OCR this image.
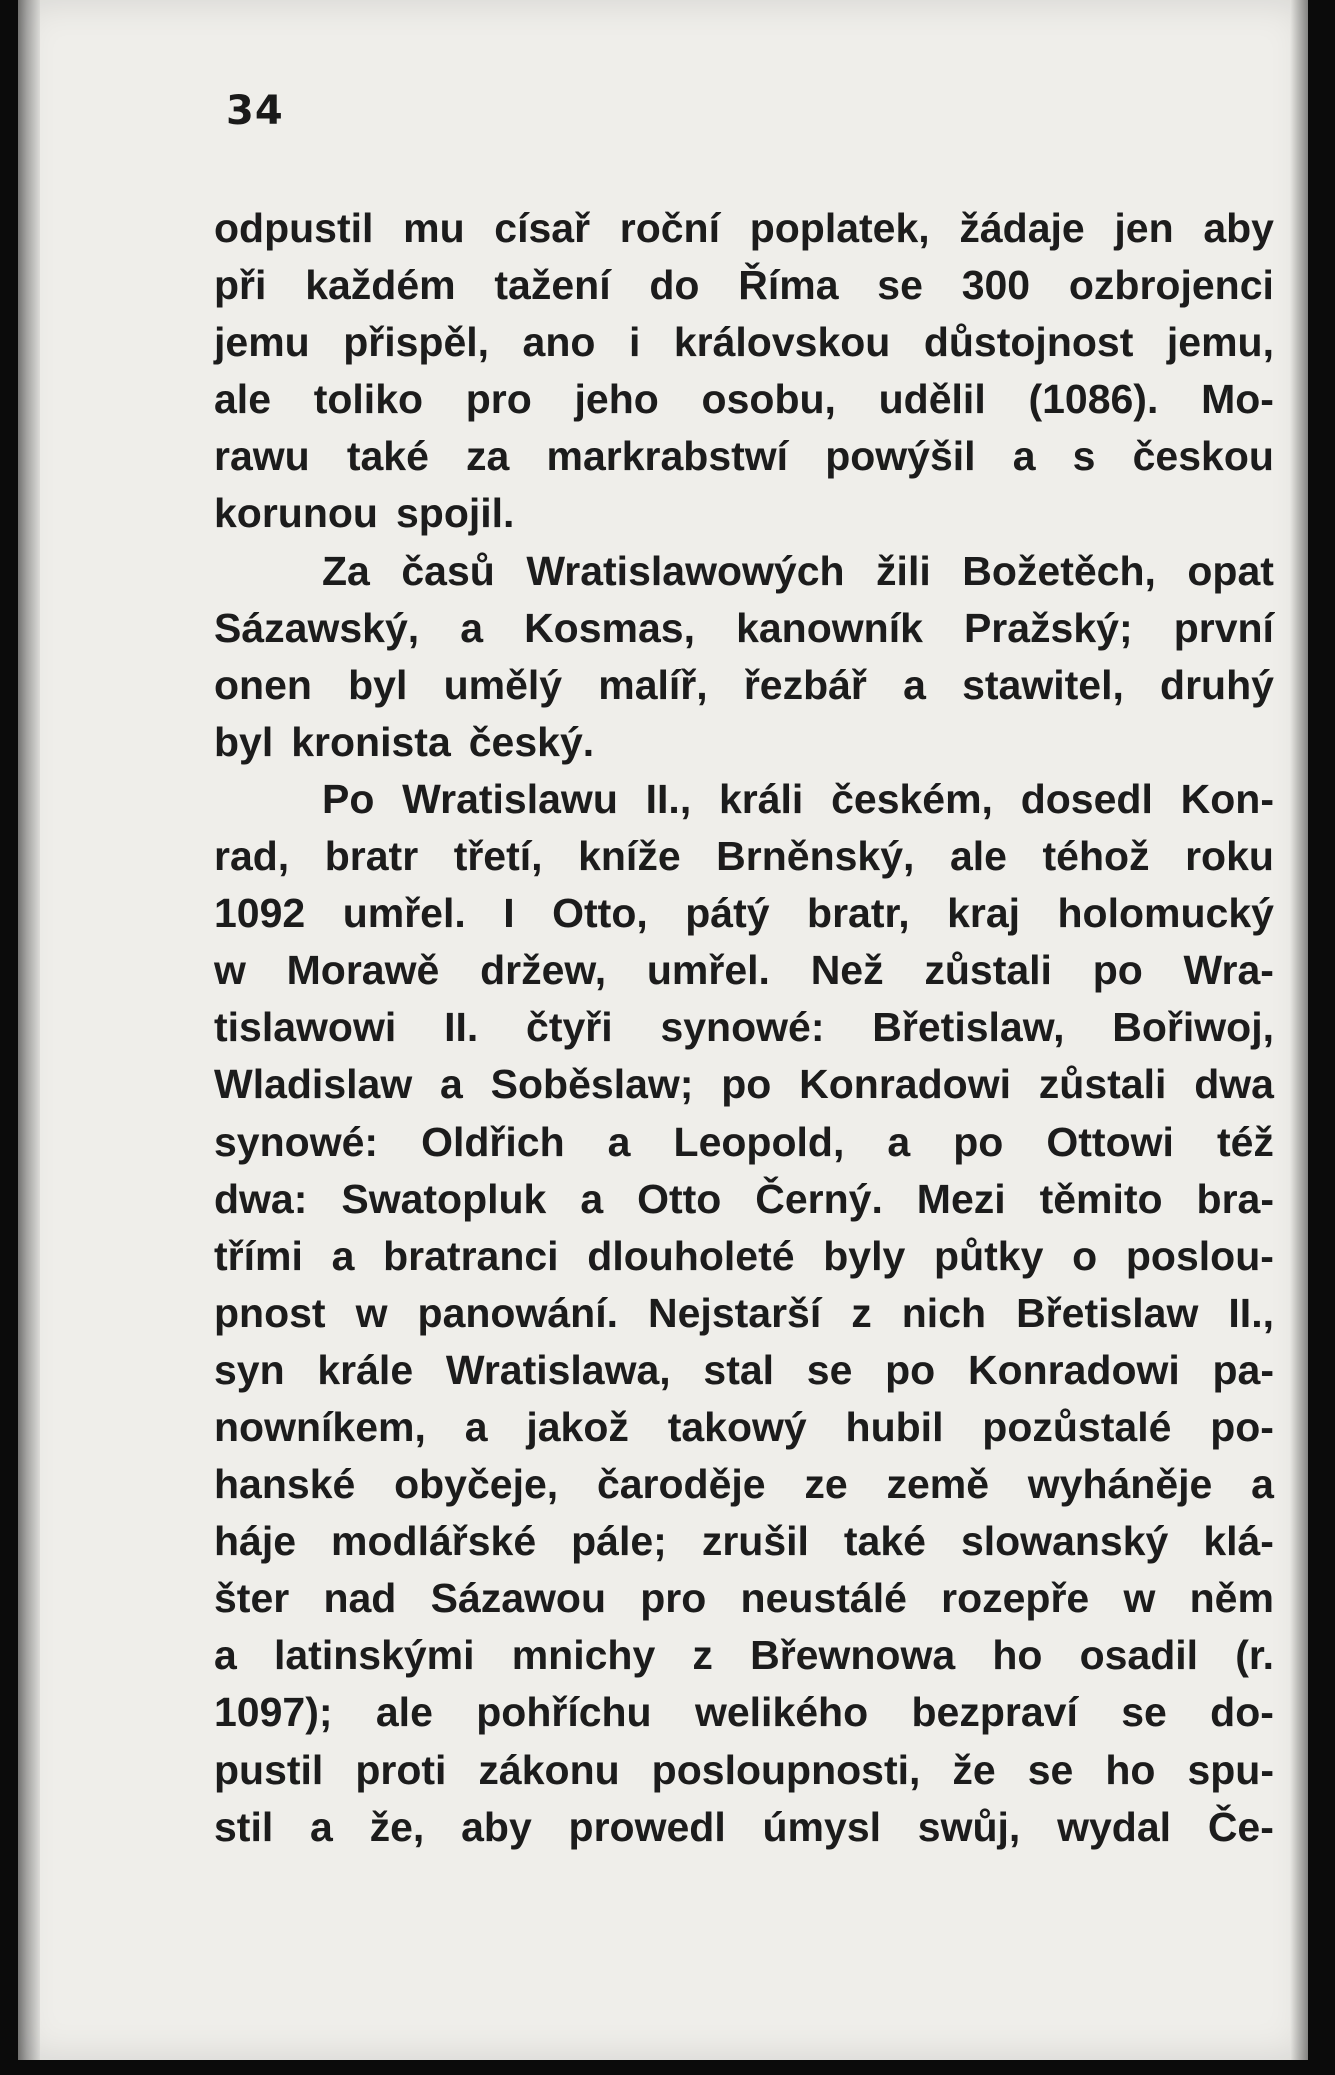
34
odpustil mu císař roční poplatek, žádaje jen aby
při každém tažení do Říma se 300 ozbrojenci
jemu přispěl, ano i královskou důstojnost jemu,
ale toliko pro jeho osobu, udělil (1086). Mo-
rawu také za markrabstwí powýšil a s českou
korunou spojil.
Za časů Wratislawowých žili Božetěch, opat
Sázawský, a Kosmas, kanowník Pražský; první
onen byl umělý malíř, řezbář a stawitel, druhý
byl kronista český.
Po Wratislawu II., králi českém, dosedl Kon-
rad, bratr třetí, kníže Brněnský, ale téhož roku
1092 umřel. I Otto, pátý bratr, kraj holomucký
w Morawě držew, umřel. Než zůstali po Wra-
tislawowi II. čtyři synowé: Břetislaw, Bořiwoj,
Wladislaw a Soběslaw; po Konradowi zůstali dwa
synowé: Oldřich a Leopold, a po Ottowi též
dwa: Swatopluk a Otto Černý. Mezi těmito bra-
třími a bratranci dlouholeté byly půtky o poslou-
pnost w panowání. Nejstarší z nich Břetislaw II.,
syn krále Wratislawa, stal se po Konradowi pa-
nowníkem, a jakož takowý hubil pozůstalé po-
hanské obyčeje, čaroděje ze země wyháněje a
háje modlářské pále; zrušil také slowanský klá-
šter nad Sázawou pro neustálé rozepře w něm
a latinskými mnichy z Břewnowa ho osadil (r.
1097); ale pohříchu welikého bezpraví se do-
pustil proti zákonu posloupnosti, že se ho spu-
stil a že, aby prowedl úmysl swůj, wydal Če-
